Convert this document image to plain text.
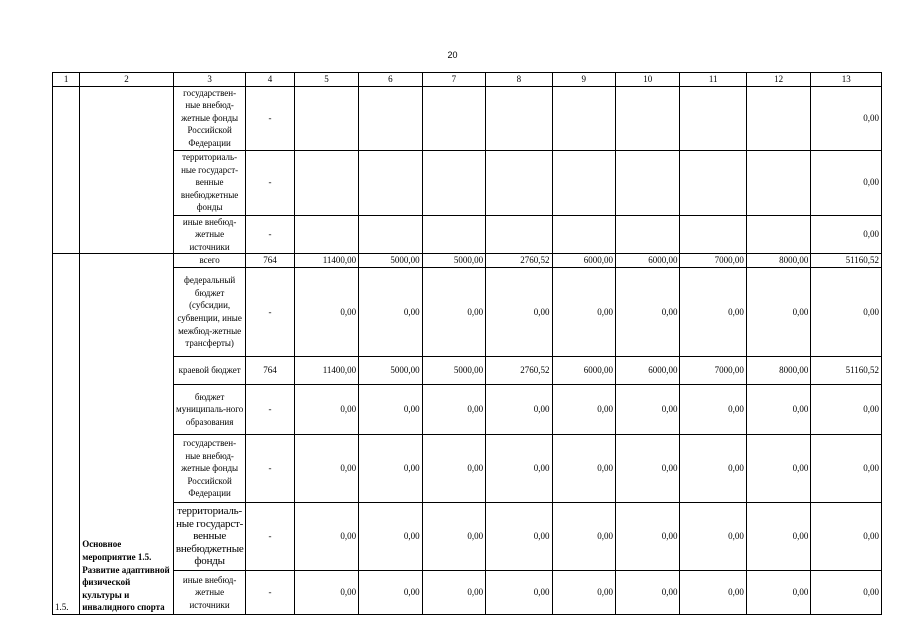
20
1	2	3	4	5	6	7	8	9	10	11	12	13
		государствен-ные внебюд-жетные фонды Российской Федерации	-									0,00
		территориаль-ные государст-венные внебюджетные фонды	-									0,00
		иные внебюд-жетные источники	-									0,00
1.5.	Основное мероприятие 1.5. Развитие адаптивной физической культуры и инвалидного спорта	всего	764	11400,00	5000,00	5000,00	2760,52	6000,00	6000,00	7000,00	8000,00	51160,52
		федеральный бюджет (субсидии, субвенции, иные межбюд-жетные трансферты)	-	0,00	0,00	0,00	0,00	0,00	0,00	0,00	0,00	0,00
		краевой бюджет	764	11400,00	5000,00	5000,00	2760,52	6000,00	6000,00	7000,00	8000,00	51160,52
		бюджет муниципаль-ного образования	-	0,00	0,00	0,00	0,00	0,00	0,00	0,00	0,00	0,00
		государствен-ные внебюд-жетные фонды Российской Федерации	-	0,00	0,00	0,00	0,00	0,00	0,00	0,00	0,00	0,00
		территориаль-ные государст-венные внебюджетные фонды	-	0,00	0,00	0,00	0,00	0,00	0,00	0,00	0,00	0,00
		иные внебюд-жетные источники	-	0,00	0,00	0,00	0,00	0,00	0,00	0,00	0,00	0,00
